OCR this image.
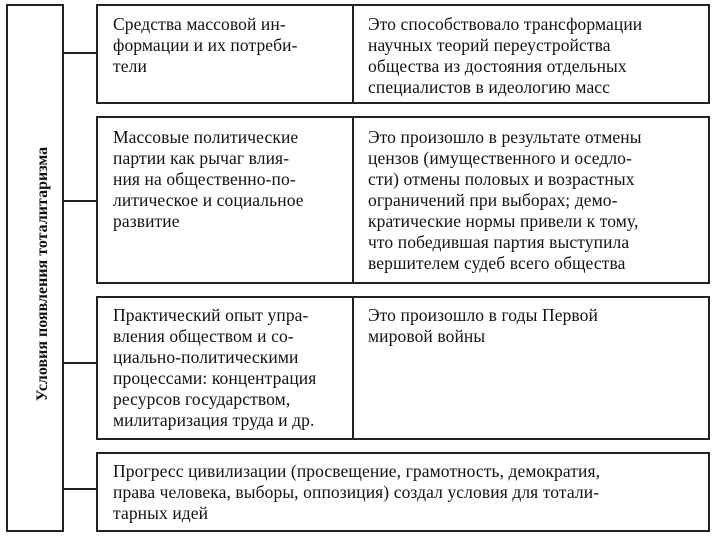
Условия появления тоталитаризма
Средства массовой ин-
формации и их потреби-
тели
Это способствовало трансформации
научных теорий переустройства
общества из достояния отдельных
специалистов в идеологию масс
Массовые политические
партии как рычаг влия-
ния на общественно-по-
литическое и социальное
развитие
Это произошло в результате отмены
цензов (имущественного и оседло-
сти) отмены половых и возрастных
ограничений при выборах; демо-
кратические нормы привели к тому,
что победившая партия выступила
вершителем судеб всего общества
Практический опыт упра-
вления обществом и со-
циально-политическими
процессами: концентрация
ресурсов государством,
милитаризация труда и др.
Это произошло в годы Первой
мировой войны
Прогресс цивилизации (просвещение, грамотность, демократия,
права человека, выборы, оппозиция) создал условия для тотали-
тарных идей
